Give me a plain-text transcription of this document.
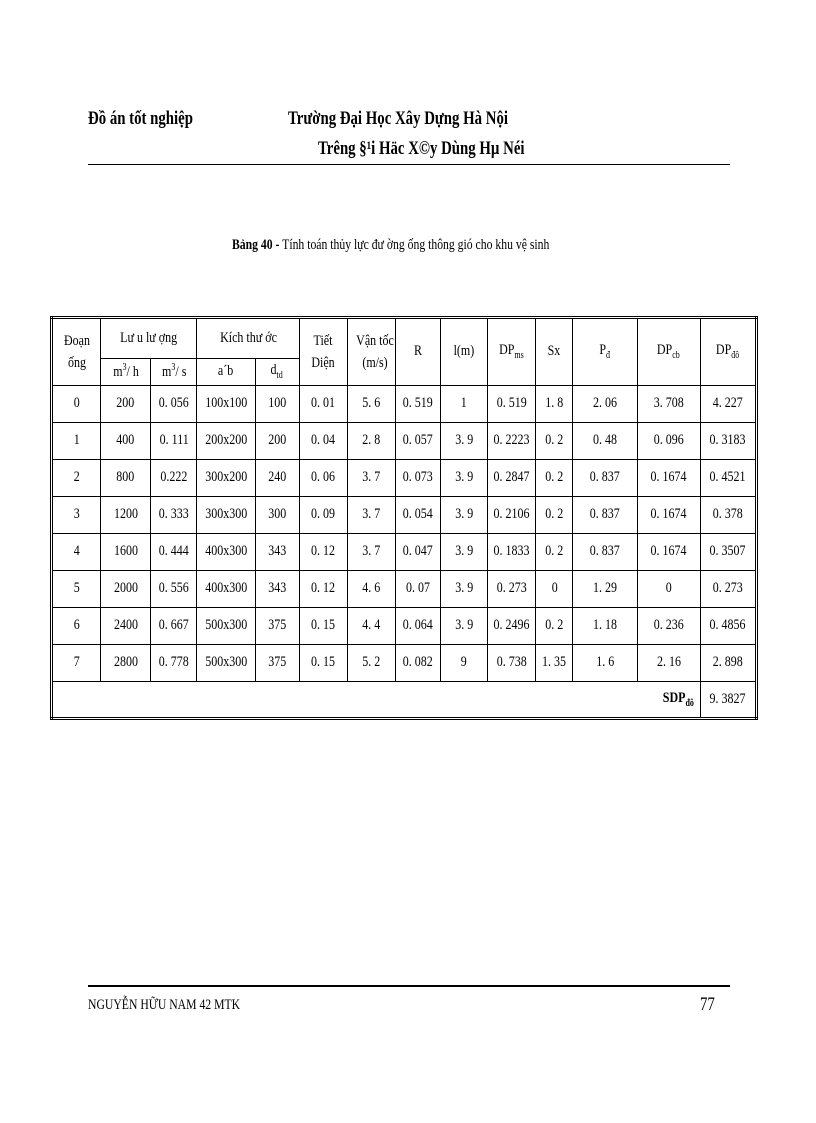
Đồ án tốt nghiệp	Trường Đại Học Xây Dựng Hà Nội
Trêng §¹i Häc X©y Dùng Hµ Néi
Bảng 40 - Tính toán thủy lực đư ờng ống thông gió cho khu vệ sinh
Đoạn ống	Lư u lư ợng		Kích thư ớc		Tiết Diện	Vận tốc (m/s)	R	l(m)	$DP_{ms}$	Sx	$P_đ$	$DP_{cb}$	$DP_{đô}$
	$m^3/$ h	$m^3/$ s	a´b	$d_{td}$
0	200	0. 056	100x100	100	0. 01	5. 6	0. 519	1	0. 519	1. 8	2. 06	3. 708	4. 227
1	400	0. 111	200x200	200	0. 04	2. 8	0. 057	3. 9	0. 2223	0. 2	0. 48	0. 096	0. 3183
2	800	0.222	300x200	240	0. 06	3. 7	0. 073	3. 9	0. 2847	0. 2	0. 837	0. 1674	0. 4521
3	1200	0. 333	300x300	300	0. 09	3. 7	0. 054	3. 9	0. 2106	0. 2	0. 837	0. 1674	0. 378
4	1600	0. 444	400x300	343	0. 12	3. 7	0. 047	3. 9	0. 1833	0. 2	0. 837	0. 1674	0. 3507
5	2000	0. 556	400x300	343	0. 12	4. 6	0. 07	3. 9	0. 273	0	1. 29	0	0. 273
6	2400	0. 667	500x300	375	0. 15	4. 4	0. 064	3. 9	0. 2496	0. 2	1. 18	0. 236	0. 4856
7	2800	0. 778	500x300	375	0. 15	5. 2	0. 082	9	0. 738	1. 35	1. 6	2. 16	2. 898
$SDP_{đô}$													9. 3827
NGUYỄN HỮU NAM 42 MTK	77
